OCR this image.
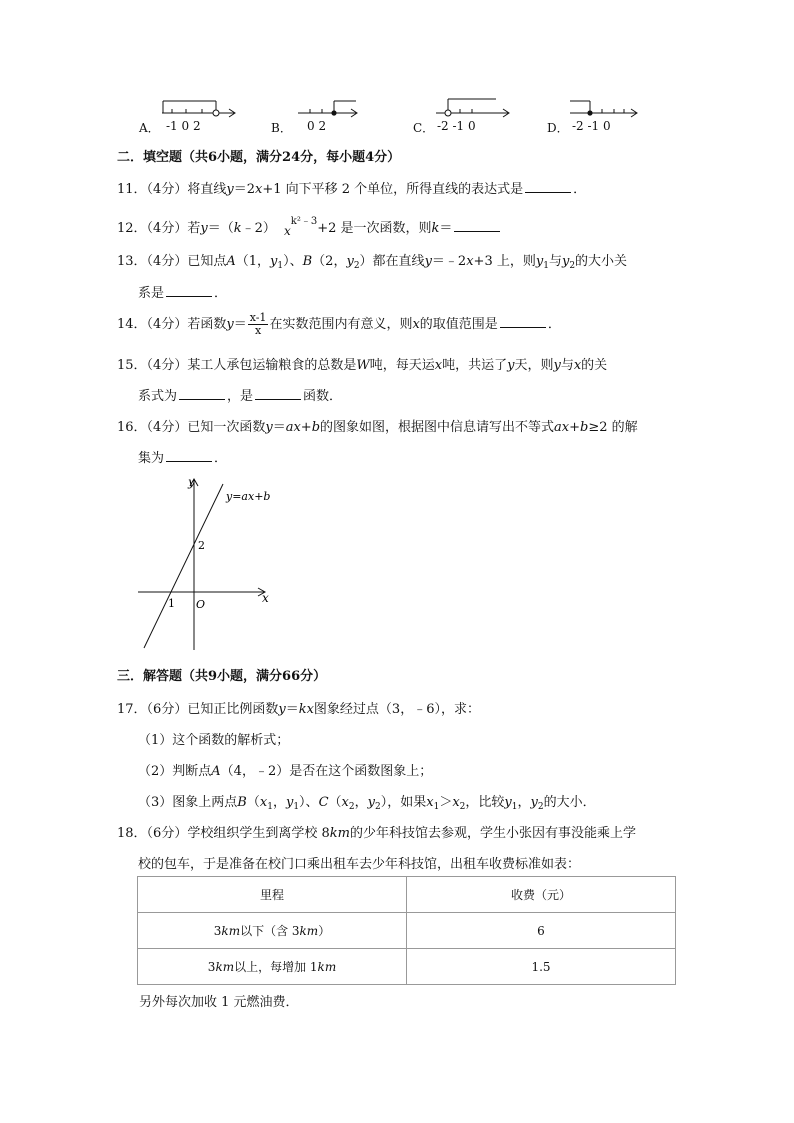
A． -1 0 2	B． 0 2	C． -2 -1 0	D． -2 -1 0
二．填空题（共6小题，满分24分，每小题4分）
11．（4分）将直线y＝2x+1 向下平移 2 个单位，所得直线的表达式是	．
12．（4分）若y＝（k﹣2） $x^{k^2﹣3}+2$ 是一次函数，则k＝
13．（4分）已知点A（1，$y_1$）、B（2，$y_2$）都在直线y＝﹣2x+3 上，则$y_1$与$y_2$的大小关
系是	．
14．（4分）若函数$y= \frac{x-1}{x}$ 在实数范围内有意义，则x的取值范围是	．
15．（4分）某工人承包运输粮食的总数是W吨，每天运x吨，共运了y天，则y与x的关
系式为	，是	函数．
16．（4分）已知一次函数y＝ax+b的图象如图，根据图中信息请写出不等式ax+b≥2 的解
集为	．
y
x
y=ax+b
2
1 O
三．解答题（共9小题，满分66分）
17．（6分）已知正比例函数y＝kx图象经过点（3，﹣6），求：
（1）这个函数的解析式；
（2）判断点A（4，﹣2）是否在这个函数图象上；
（3）图象上两点$B(x_1$，$y_1$）、$C(x_2$，$y_2$），如果$x_1>x_2$，比较$y_1$，$y_2$的大小．
18．（6分）学校组织学生到离学校 8km的少年科技馆去参观，学生小张因有事没能乘上学
校的包车，于是准备在校门口乘出租车去少年科技馆，出租车收费标准如表：
里程	收费（元）
3km以下（含 3km）	6
3km以上，每增加 1km	1.5
另外每次加收 1 元燃油费．
